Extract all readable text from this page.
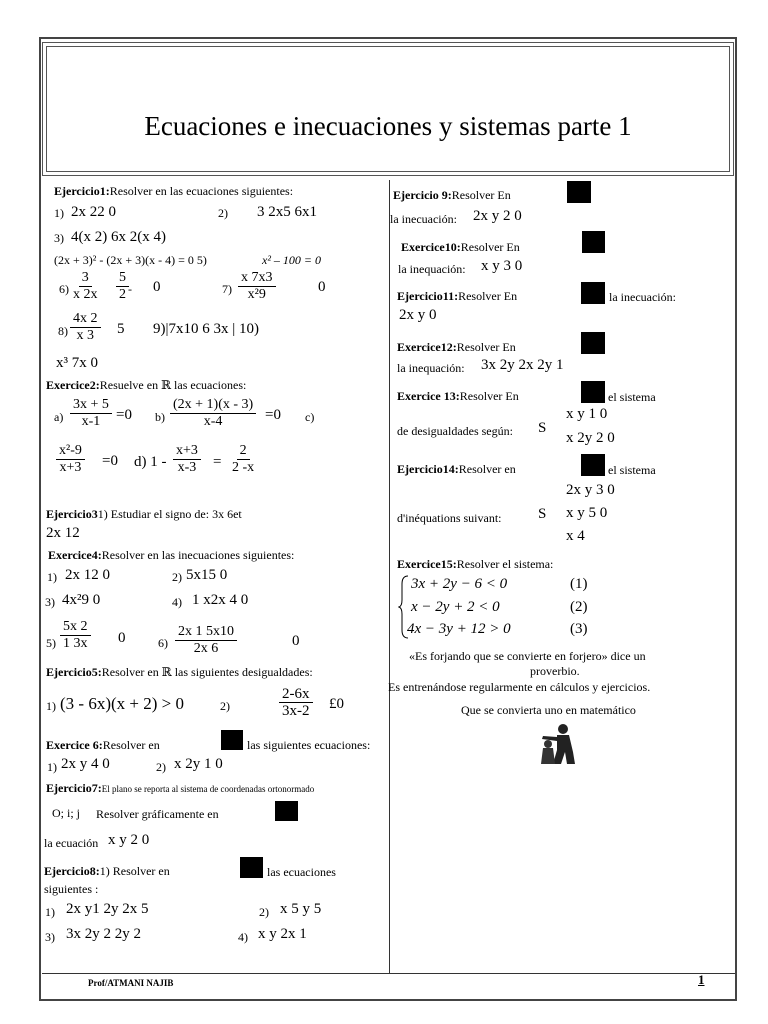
Ecuaciones e inecuaciones y sistemas parte 1
Ejercicio1:Resolver en las ecuaciones siguientes:
1) 2x 22 0	2) 3 2x5 6x1
3) 4(x 2) 6x 2(x 4)
(2x + 3)² - (2x + 3)(x - 4) = 0 5)	x² – 100 = 0
$6) \frac{3}{x 2x}$ -
$\frac{5}{2} 0$	$7) \frac{x 7x3}{\text{x²9}}$	0
$8) \frac{4x 2}{x 3} 5$ 9)|7x10 6 3x | 10)
x³ 7x 0
Exercice2:Resuelve en ℝ las ecuaciones:
$a) \frac{3x + 5}{x-1} =0$ $b) \frac{(2x + 1)(x - 3)}{x-4} =0$ c)
$\frac{\text{x²-9}}{x+3} =0$ d) $1 - \frac{x+3}{x-3} = \frac{2}{2 -x}$
Ejercicio31) Estudiar el signo de: 3x 6et
2x 12
Exercice4:Resolver en las inecuaciones siguientes:
1) 2x 12 0	2) 5x15 0
3) 4x²9 0	4) 1 x2x 4 0
$5) \frac{5x 2}{1 3x} 0$	$6) \frac{2x 1 5x10}{2x 6}$	0
Ejercicio5:Resolver en ℝ las siguientes desigualdades:
1) (3 - 6x)(x + 2) > 0	2)	$\frac{2-6x}{3x-2}$ £0
Exercice 6:Resolver en	las siguientes ecuaciones:
1) 2x y 4 0	2) x 2y 1 0
Ejercicio7:El plano se reporta al sistema de coordenadas ortonormado
O; i; j Resolver gráficamente en
la ecuación x y 2 0
Ejercicio8:1) Resolver en	las ecuaciones
siguientes :
1) 2x y1 2y 2x 5	2) x 5 y 5
3) 3x 2y 2 2y 2	4) x y 2x 1
Prof/ATMANI NAJIB	1
Ejercicio 9:Resolver En
la inecuación: 2x y 2 0
Exercice10:Resolver En
la inequación: x y 3 0
Ejercicio11:Resolver En	la inecuación:
2x y 0
Exercice12:Resolver En
la inequación: 3x 2y 2x 2y 1
Exercice 13:Resolver En	el sistema
x y 1 0
de desigualdades según: S
x 2y 2 0
Ejercicio14:Resolver en	el sistema
2x y 3 0
d'inéquations suivant: S x y 5 0
x 4
Exercice15:Resolver el sistema:
3x + 2y − 6 < 0	(1)
x − 2y + 2 < 0	(2)
4x − 3y + 12 > 0	(3)
«Es forjando que se convierte en forjero» dice un
proverbio.
Es entrenándose regularmente en cálculos y ejercicios.
Que se convierta uno en matemático
